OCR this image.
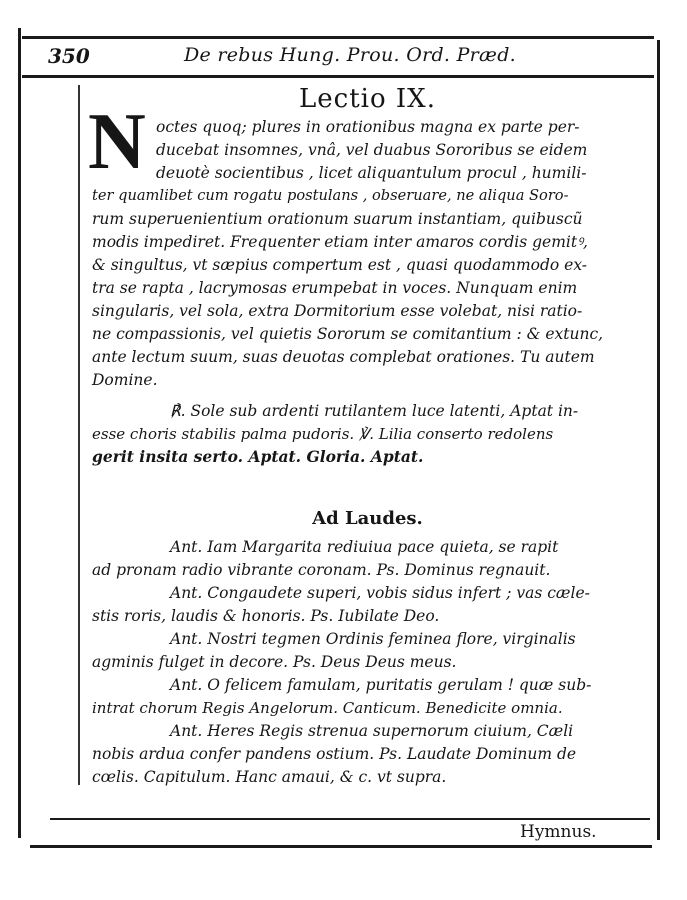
350	De rebus Hung. Prou. Ord. Præd.
Lectio IX.
N octes quoq; plures in orationibus magna ex parte per-
ducebat insomnes, vnâ, vel duabus Sororibus se eidem
deuotè socientibus , licet aliquantulum procul , humili-
ter quamlibet cum rogatu postulans , obseruare, ne aliqua Soro-
rum superuenientium orationum suarum instantiam, quibuscũ
modis impediret. Frequenter etiam inter amaros cordis gemitꝰ,
& singultus, vt sæpius compertum est , quasi quodammodo ex-
tra se rapta , lacrymosas erumpebat in voces. Nunquam enim
singularis, vel sola, extra Dormitorium esse volebat, nisi ratio-
ne compassionis, vel quietis Sororum se comitantium : & extunc,
ante lectum suum, suas deuotas complebat orationes. Tu autem
Domine.
℟. Sole sub ardenti rutilantem luce latenti, Aptat in-
esse choris stabilis palma pudoris. ℣. Lilia conserto redolens
gerit insita serto. Aptat. Gloria. Aptat.
Ad Laudes.
Ant. Iam Margarita rediuiua pace quieta, se rapit
ad pronam radio vibrante coronam. Ps. Dominus regnauit.
Ant. Congaudete superi, vobis sidus infert ; vas cæle-
stis roris, laudis & honoris. Ps. Iubilate Deo.
Ant. Nostri tegmen Ordinis feminea flore, virginalis
agminis fulget in decore. Ps. Deus Deus meus.
Ant. O felicem famulam, puritatis gerulam ! quæ sub-
intrat chorum Regis Angelorum. Canticum. Benedicite omnia.
Ant. Heres Regis strenua supernorum ciuium, Cæli
nobis ardua confer pandens ostium. Ps. Laudate Dominum de
cœlis. Capitulum. Hanc amaui, & c. vt supra.
Hymnus.
